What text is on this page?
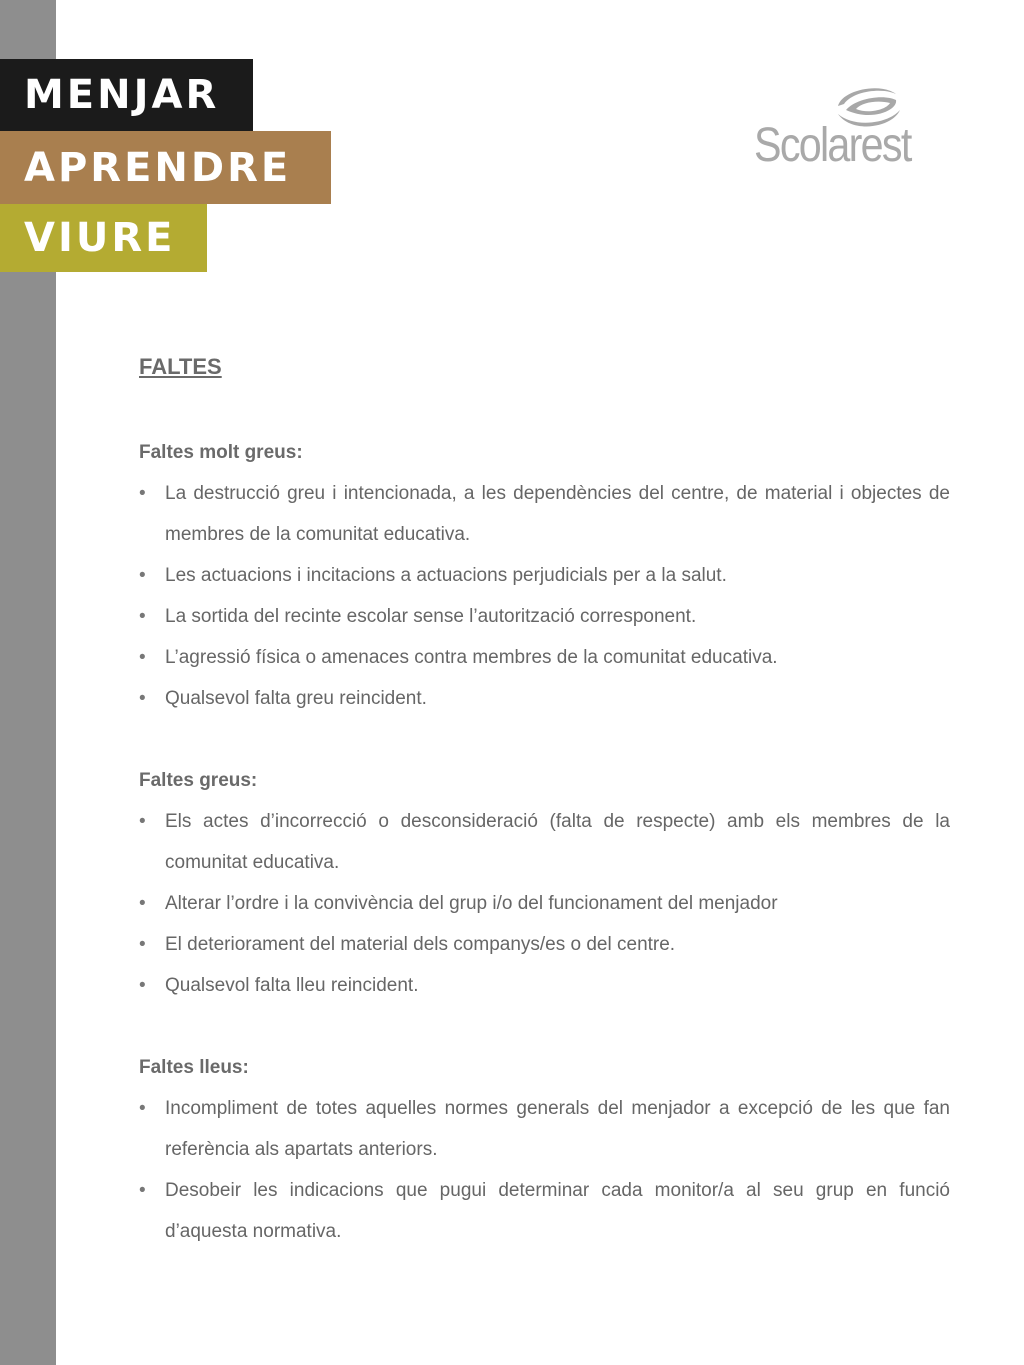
MENJAR
APRENDRE
VIURE
Scolarest
FALTES

Faltes molt greus:

• La destrucció greu i intencionada, a les dependències del centre, de material i objectes de membres de la comunitat educativa.
• Les actuacions i incitacions a actuacions perjudicials per a la salut.
• La sortida del recinte escolar sense l’autorització corresponent.
• L’agressió física o amenaces contra membres de la comunitat educativa.
• Qualsevol falta greu reincident.

Faltes greus:

• Els actes d’incorrecció o desconsideració (falta de respecte) amb els membres de la comunitat educativa.
• Alterar l’ordre i la convivència del grup i/o del funcionament del menjador
• El deteriorament del material dels companys/es o del centre.
• Qualsevol falta lleu reincident.

Faltes lleus:

• Incompliment de totes aquelles normes generals del menjador a excepció de les que fan referència als apartats anteriors.
• Desobeir les indicacions que pugui determinar cada monitor/a al seu grup en funció d’aquesta normativa.
